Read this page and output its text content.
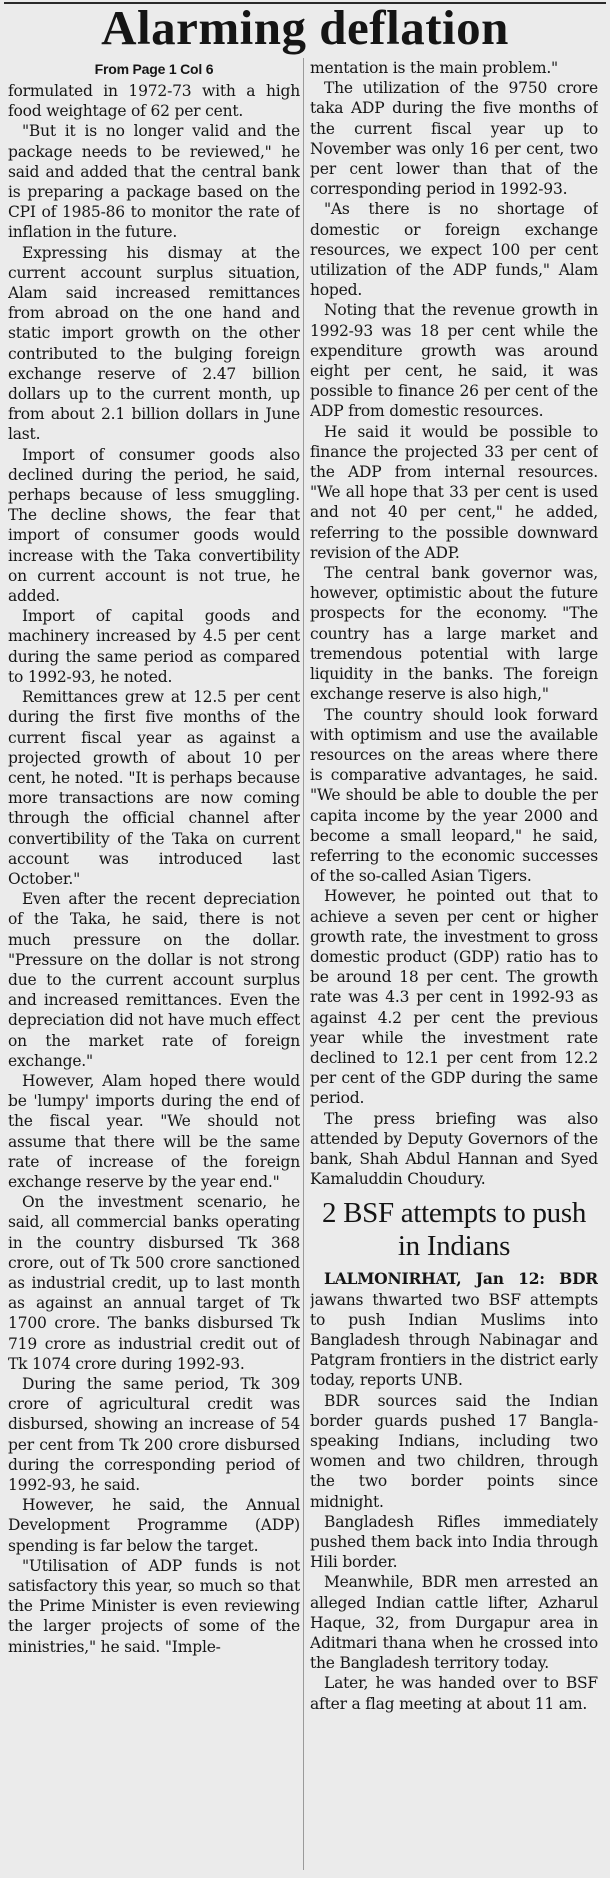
Alarming deflation
From Page 1 Col 6

formulated in 1972-73 with a high food weightage of 62 per cent.

"But it is no longer valid and the package needs to be reviewed," he said and added that the central bank is preparing a package based on the CPI of 1985-86 to monitor the rate of inflation in the future.

Expressing his dismay at the current account surplus situation, Alam said increased remittances from abroad on the one hand and static import growth on the other contributed to the bulging foreign exchange reserve of 2.47 billion dollars up to the current month, up from about 2.1 billion dollars in June last.

Import of consumer goods also declined during the period, he said, perhaps because of less smuggling. The decline shows, the fear that import of consumer goods would increase with the Taka convertibility on current account is not true, he added.

Import of capital goods and machinery increased by 4.5 per cent during the same period as compared to 1992-93, he noted.

Remittances grew at 12.5 per cent during the first five months of the current fiscal year as against a projected growth of about 10 per cent, he noted. "It is perhaps because more transactions are now coming through the official channel after convertibility of the Taka on current account was introduced last October."

Even after the recent depreciation of the Taka, he said, there is not much pressure on the dollar. "Pressure on the dollar is not strong due to the current account surplus and increased remittances. Even the depreciation did not have much effect on the market rate of foreign exchange."

However, Alam hoped there would be 'lumpy' imports during the end of the fiscal year. "We should not assume that there will be the same rate of increase of the foreign exchange reserve by the year end."

On the investment scenario, he said, all commercial banks operating in the country disbursed Tk 368 crore, out of Tk 500 crore sanctioned as industrial credit, up to last month as against an annual target of Tk 1700 crore. The banks disbursed Tk 719 crore as industrial credit out of Tk 1074 crore during 1992-93.

During the same period, Tk 309 crore of agricultural credit was disbursed, showing an increase of 54 per cent from Tk 200 crore disbursed during the corresponding period of 1992-93, he said.

However, he said, the Annual Development Programme (ADP) spending is far below the target.

"Utilisation of ADP funds is not satisfactory this year, so much so that the Prime Minister is even reviewing the larger projects of some of the ministries," he said. "Imple-

mentation is the main problem."

The utilization of the 9750 crore taka ADP during the five months of the current fiscal year up to November was only 16 per cent, two per cent lower than that of the corresponding period in 1992-93.

"As there is no shortage of domestic or foreign exchange resources, we expect 100 per cent utilization of the ADP funds," Alam hoped.

Noting that the revenue growth in 1992-93 was 18 per cent while the expenditure growth was around eight per cent, he said, it was possible to finance 26 per cent of the ADP from domestic resources.

He said it would be possible to finance the projected 33 per cent of the ADP from internal resources. "We all hope that 33 per cent is used and not 40 per cent," he added, referring to the possible downward revision of the ADP.

The central bank governor was, however, optimistic about the future prospects for the economy. "The country has a large market and tremendous potential with large liquidity in the banks. The foreign exchange reserve is also high,"

The country should look forward with optimism and use the available resources on the areas where there is comparative advantages, he said. "We should be able to double the per capita income by the year 2000 and become a small leopard," he said, referring to the economic successes of the so-called Asian Tigers.

However, he pointed out that to achieve a seven per cent or higher growth rate, the investment to gross domestic product (GDP) ratio has to be around 18 per cent. The growth rate was 4.3 per cent in 1992-93 as against 4.2 per cent the previous year while the investment rate declined to 12.1 per cent from 12.2 per cent of the GDP during the same period.

The press briefing was also attended by Deputy Governors of the bank, Shah Abdul Hannan and Syed Kamaluddin Choudury.

2 BSF attempts to push in Indians

LALMONIRHAT, Jan 12: BDR jawans thwarted two BSF attempts to push Indian Muslims into Bangladesh through Nabinagar and Patgram frontiers in the district early today, reports UNB.

BDR sources said the Indian border guards pushed 17 Bangla-speaking Indians, including two women and two children, through the two border points since midnight.

Bangladesh Rifles immediately pushed them back into India through Hili border.

Meanwhile, BDR men arrested an alleged Indian cattle lifter, Azharul Haque, 32, from Durgapur area in Aditmari thana when he crossed into the Bangladesh territory today.

Later, he was handed over to BSF after a flag meeting at about 11 am.
